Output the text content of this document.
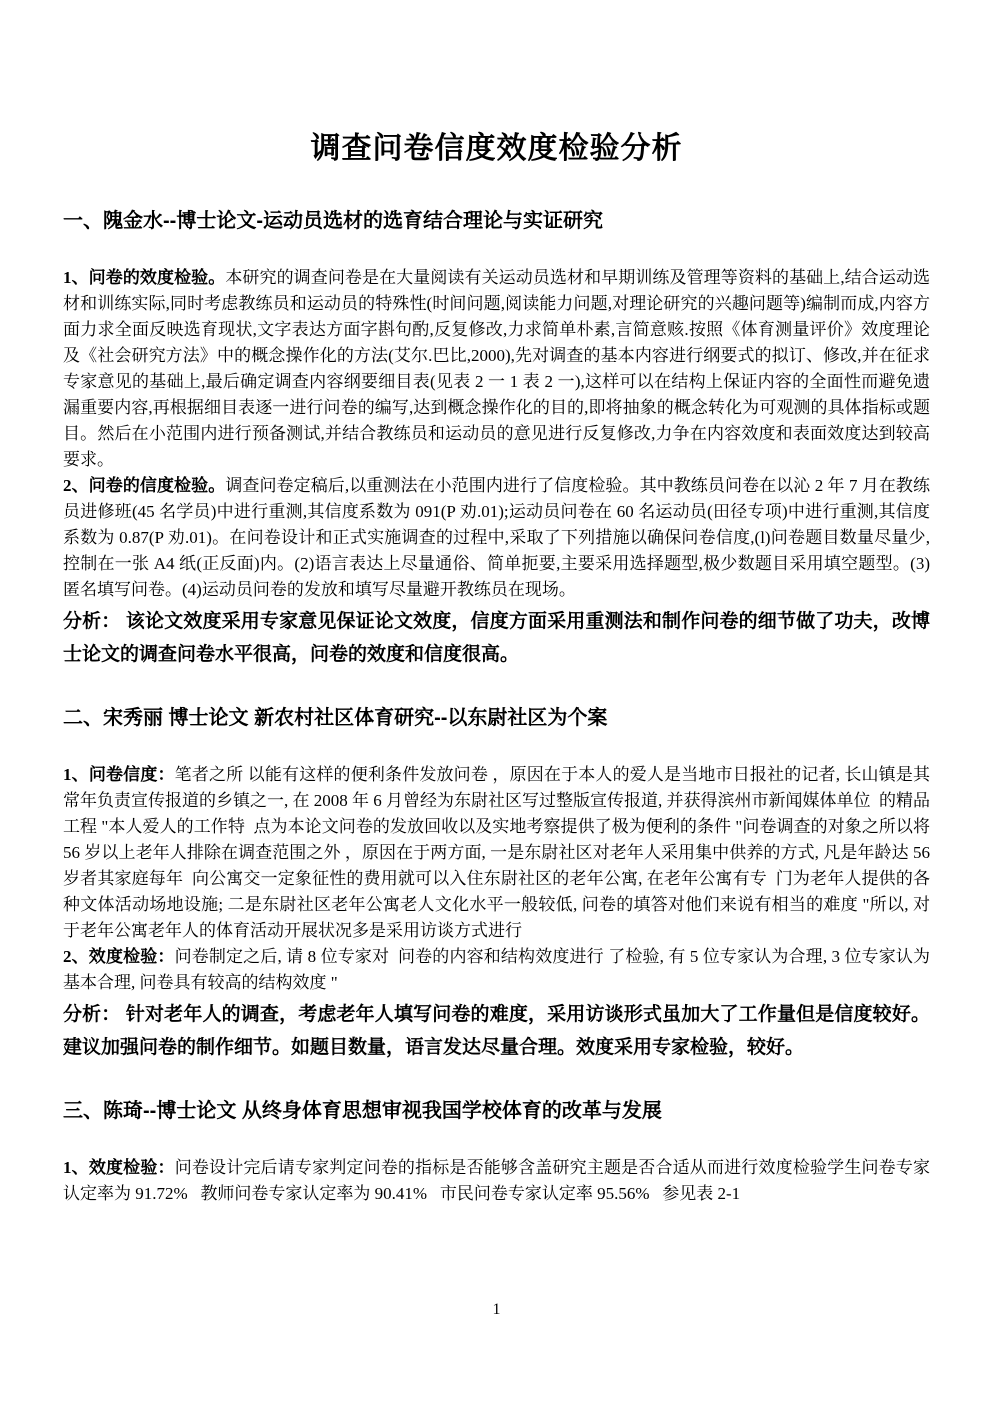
调查问卷信度效度检验分析
一、隗金水--博士论文-运动员选材的选育结合理论与实证研究

1、问卷的效度检验。本研究的调查问卷是在大量阅读有关运动员选材和早期训练及管理等资料的基础上,结合运动选材和训练实际,同时考虑教练员和运动员的特殊性(时间问题,阅读能力问题,对理论研究的兴趣问题等)编制而成,内容方面力求全面反映选育现状,文字表达方面字斟句酌,反复修改,力求简单朴素,言简意赅.按照《体育测量评价》效度理论及《社会研究方法》中的概念操作化的方法(艾尔.巴比,2000),先对调查的基本内容进行纲要式的拟订、修改,并在征求专家意见的基础上,最后确定调查内容纲要细目表(见表 2 一 1 表 2 一),这样可以在结构上保证内容的全面性而避免遗漏重要内容,再根据细目表逐一进行问卷的编写,达到概念操作化的目的,即将抽象的概念转化为可观测的具体指标或题目。然后在小范围内进行预备测试,并结合教练员和运动员的意见进行反复修改,力争在内容效度和表面效度达到较高要求。

2、问卷的信度检验。调查问卷定稿后,以重测法在小范围内进行了信度检验。其中教练员问卷在以沁 2 年 7 月在教练员进修班(45 名学员)中进行重测,其信度系数为 091(P 劝.01);运动员问卷在 60 名运动员(田径专项)中进行重测,其信度系数为 0.87(P 劝.01)。在问卷设计和正式实施调查的过程中,采取了下列措施以确保问卷信度,(l)问卷题目数量尽量少,控制在一张 A4 纸(正反面)内。(2)语言表达上尽量通俗、简单扼要,主要采用选择题型,极少数题目采用填空题型。(3)匿名填写问卷。(4)运动员问卷的发放和填写尽量避开教练员在现场。

分析： 该论文效度采用专家意见保证论文效度，信度方面采用重测法和制作问卷的细节做了功夫，改博士论文的调查问卷水平很高，问卷的效度和信度很高。

二、宋秀丽 博士论文 新农村社区体育研究--以东尉社区为个案

1、问卷信度：笔者之所 以能有这样的便利条件发放问卷 ，原因在于本人的爱人是当地市日报社的记者, 长山镇是其常年负责宣传报道的乡镇之一, 在 2008 年 6 月曾经为东尉社区写过整版宣传报道, 并获得滨州市新闻媒体单位  的精品工程 "本人爱人的工作特  点为本论文问卷的发放回收以及实地考察提供了极为便利的条件 "问卷调查的对象之所以将 56 岁以上老年人排除在调查范围之外 ，原因在于两方面, 一是东尉社区对老年人采用集中供养的方式, 凡是年龄达 56 岁者其家庭每年  向公寓交一定象征性的费用就可以入住东尉社区的老年公寓, 在老年公寓有专  门为老年人提供的各种文体活动场地设施; 二是东尉社区老年公寓老人文化水平一般较低, 问卷的填答对他们来说有相当的难度 "所以, 对于老年公寓老年人的体育活动开展状况多是采用访谈方式进行

2、效度检验：问卷制定之后, 请 8 位专家对  问卷的内容和结构效度进行 了检验, 有 5 位专家认为合理, 3 位专家认为基本合理, 问卷具有较高的结构效度 "

分析： 针对老年人的调查，考虑老年人填写问卷的难度，采用访谈形式虽加大了工作量但是信度较好。建议加强问卷的制作细节。如题目数量，语言发达尽量合理。效度采用专家检验，较好。

三、陈琦--博士论文 从终身体育思想审视我国学校体育的改革与发展

1、效度检验：问卷设计完后请专家判定问卷的指标是否能够含盖研究主题是否合适从而进行效度检验学生问卷专家认定率为 91.72%   教师问卷专家认定率为 90.41%   市民问卷专家认定率 95.56%   参见表 2-1

1
